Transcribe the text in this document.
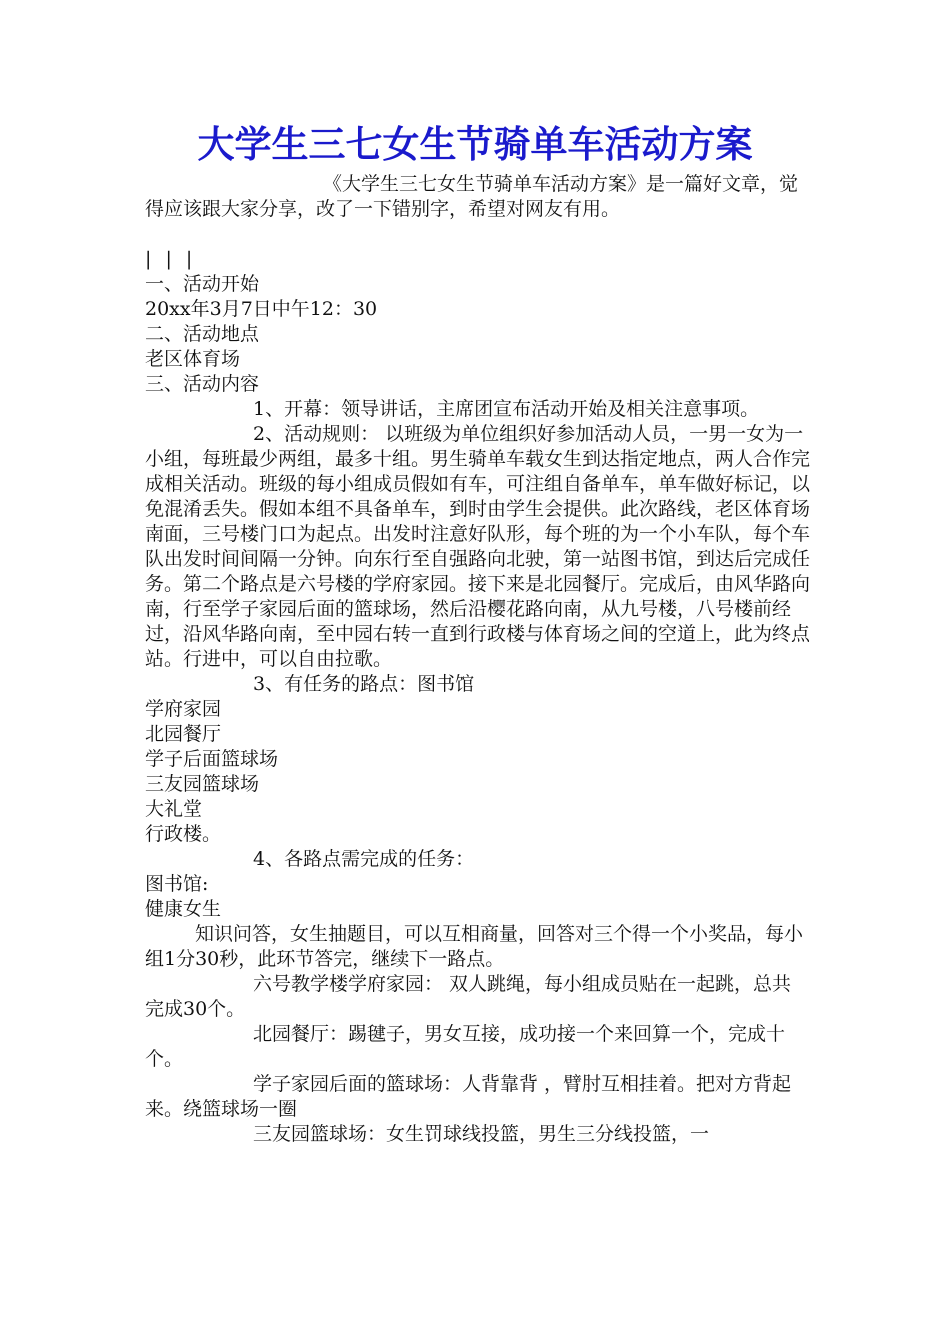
大学生三七女生节骑单车活动方案

《大学生三七女生节骑单车活动方案》是一篇好文章，觉得应该跟大家分享，改了一下错别字，希望对网友有用。

| | |

一、活动开始

20xx年3月7日中午12：30

二、活动地点

老区体育场

三、活动内容

1、开幕：领导讲话，主席团宣布活动开始及相关注意事项。

2、活动规则： 以班级为单位组织好参加活动人员，一男一女为一小组，每班最少两组，最多十组。男生骑单车载女生到达指定地点，两人合作完成相关活动。班级的每小组成员假如有车，可注组自备单车，单车做好标记，以免混淆丢失。假如本组不具备单车，到时由学生会提供。此次路线，老区体育场南面，三号楼门口为起点。出发时注意好队形，每个班的为一个小车队，每个车队出发时间间隔一分钟。向东行至自强路向北驶，第一站图书馆，到达后完成任务。第二个路点是六号楼的学府家园。接下来是北园餐厅。完成后，由风华路向南，行至学子家园后面的篮球场，然后沿樱花路向南，从九号楼，八号楼前经过，沿风华路向南，至中园右转一直到行政楼与体育场之间的空道上，此为终点站。行进中，可以自由拉歌。

3、有任务的路点：图书馆

学府家园

北园餐厅

学子后面篮球场

三友园篮球场

大礼堂

行政楼。

4、各路点需完成的任务：

图书馆:

健康女生

知识问答，女生抽题目，可以互相商量，回答对三个得一个小奖品，每小组1分30秒，此环节答完，继续下一路点。

六号教学楼学府家园： 双人跳绳，每小组成员贴在一起跳，总共完成30个。

北园餐厅：踢毽子，男女互接，成功接一个来回算一个，完成十个。

学子家园后面的篮球场：人背靠背 ，臂肘互相挂着。把对方背起来。绕篮球场一圈

三友园篮球场：女生罚球线投篮，男生三分线投篮，一
